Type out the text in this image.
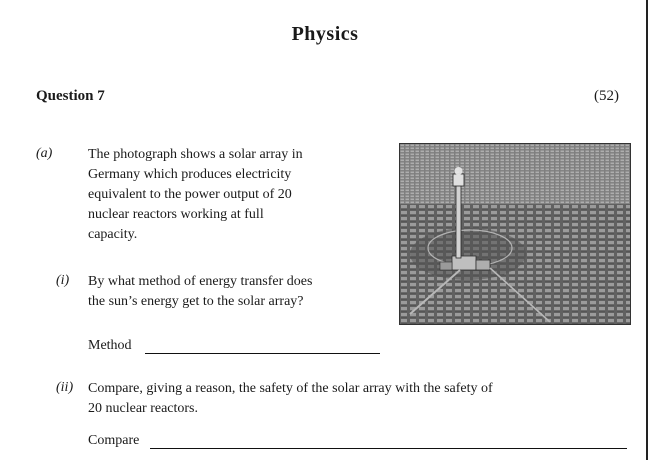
Physics
Question 7	(52)
(a)	The photograph shows a solar array in
Germany which produces electricity
equivalent to the power output of 20
nuclear reactors working at full
capacity.
(i) By what method of energy transfer does
the sun’s energy get to the solar array?
Method
(ii) Compare, giving a reason, the safety of the solar array with the safety of
20 nuclear reactors.
Compare
